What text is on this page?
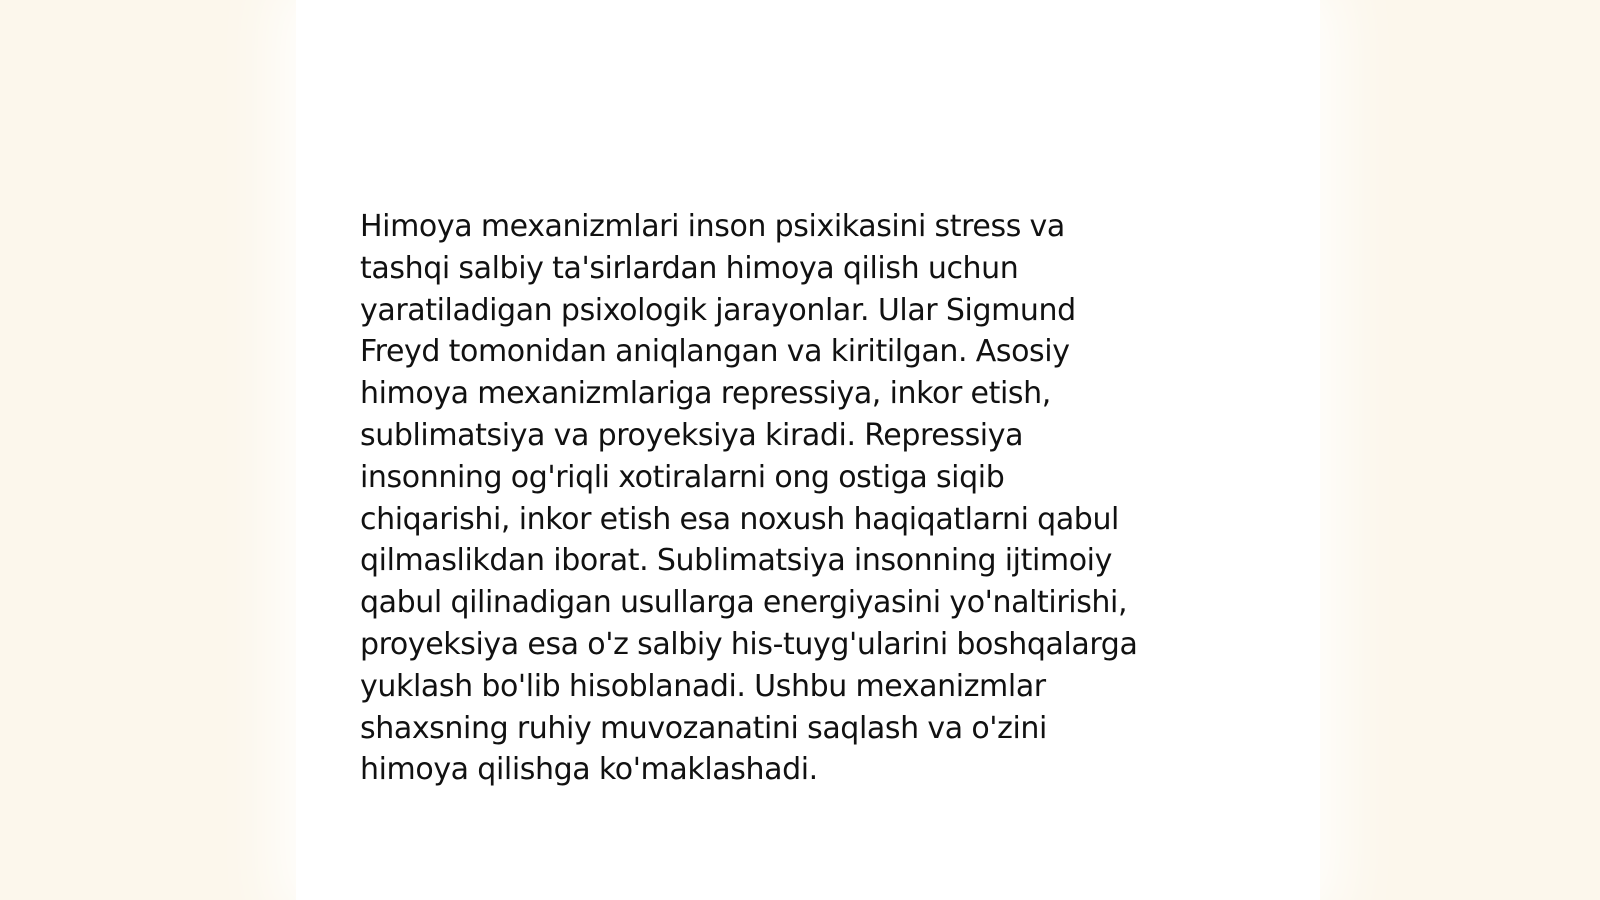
Himoya mexanizmlari inson psixikasini stress va
tashqi salbiy ta'sirlardan himoya qilish uchun
yaratiladigan psixologik jarayonlar. Ular Sigmund
Freyd tomonidan aniqlangan va kiritilgan. Asosiy
himoya mexanizmlariga repressiya, inkor etish,
sublimatsiya va proyeksiya kiradi. Repressiya
insonning og'riqli xotiralarni ong ostiga siqib
chiqarishi, inkor etish esa noxush haqiqatlarni qabul
qilmaslikdan iborat. Sublimatsiya insonning ijtimoiy
qabul qilinadigan usullarga energiyasini yo'naltirishi,
proyeksiya esa o'z salbiy his-tuyg'ularini boshqalarga
yuklash bo'lib hisoblanadi. Ushbu mexanizmlar
shaxsning ruhiy muvozanatini saqlash va o'zini
himoya qilishga ko'maklashadi.
